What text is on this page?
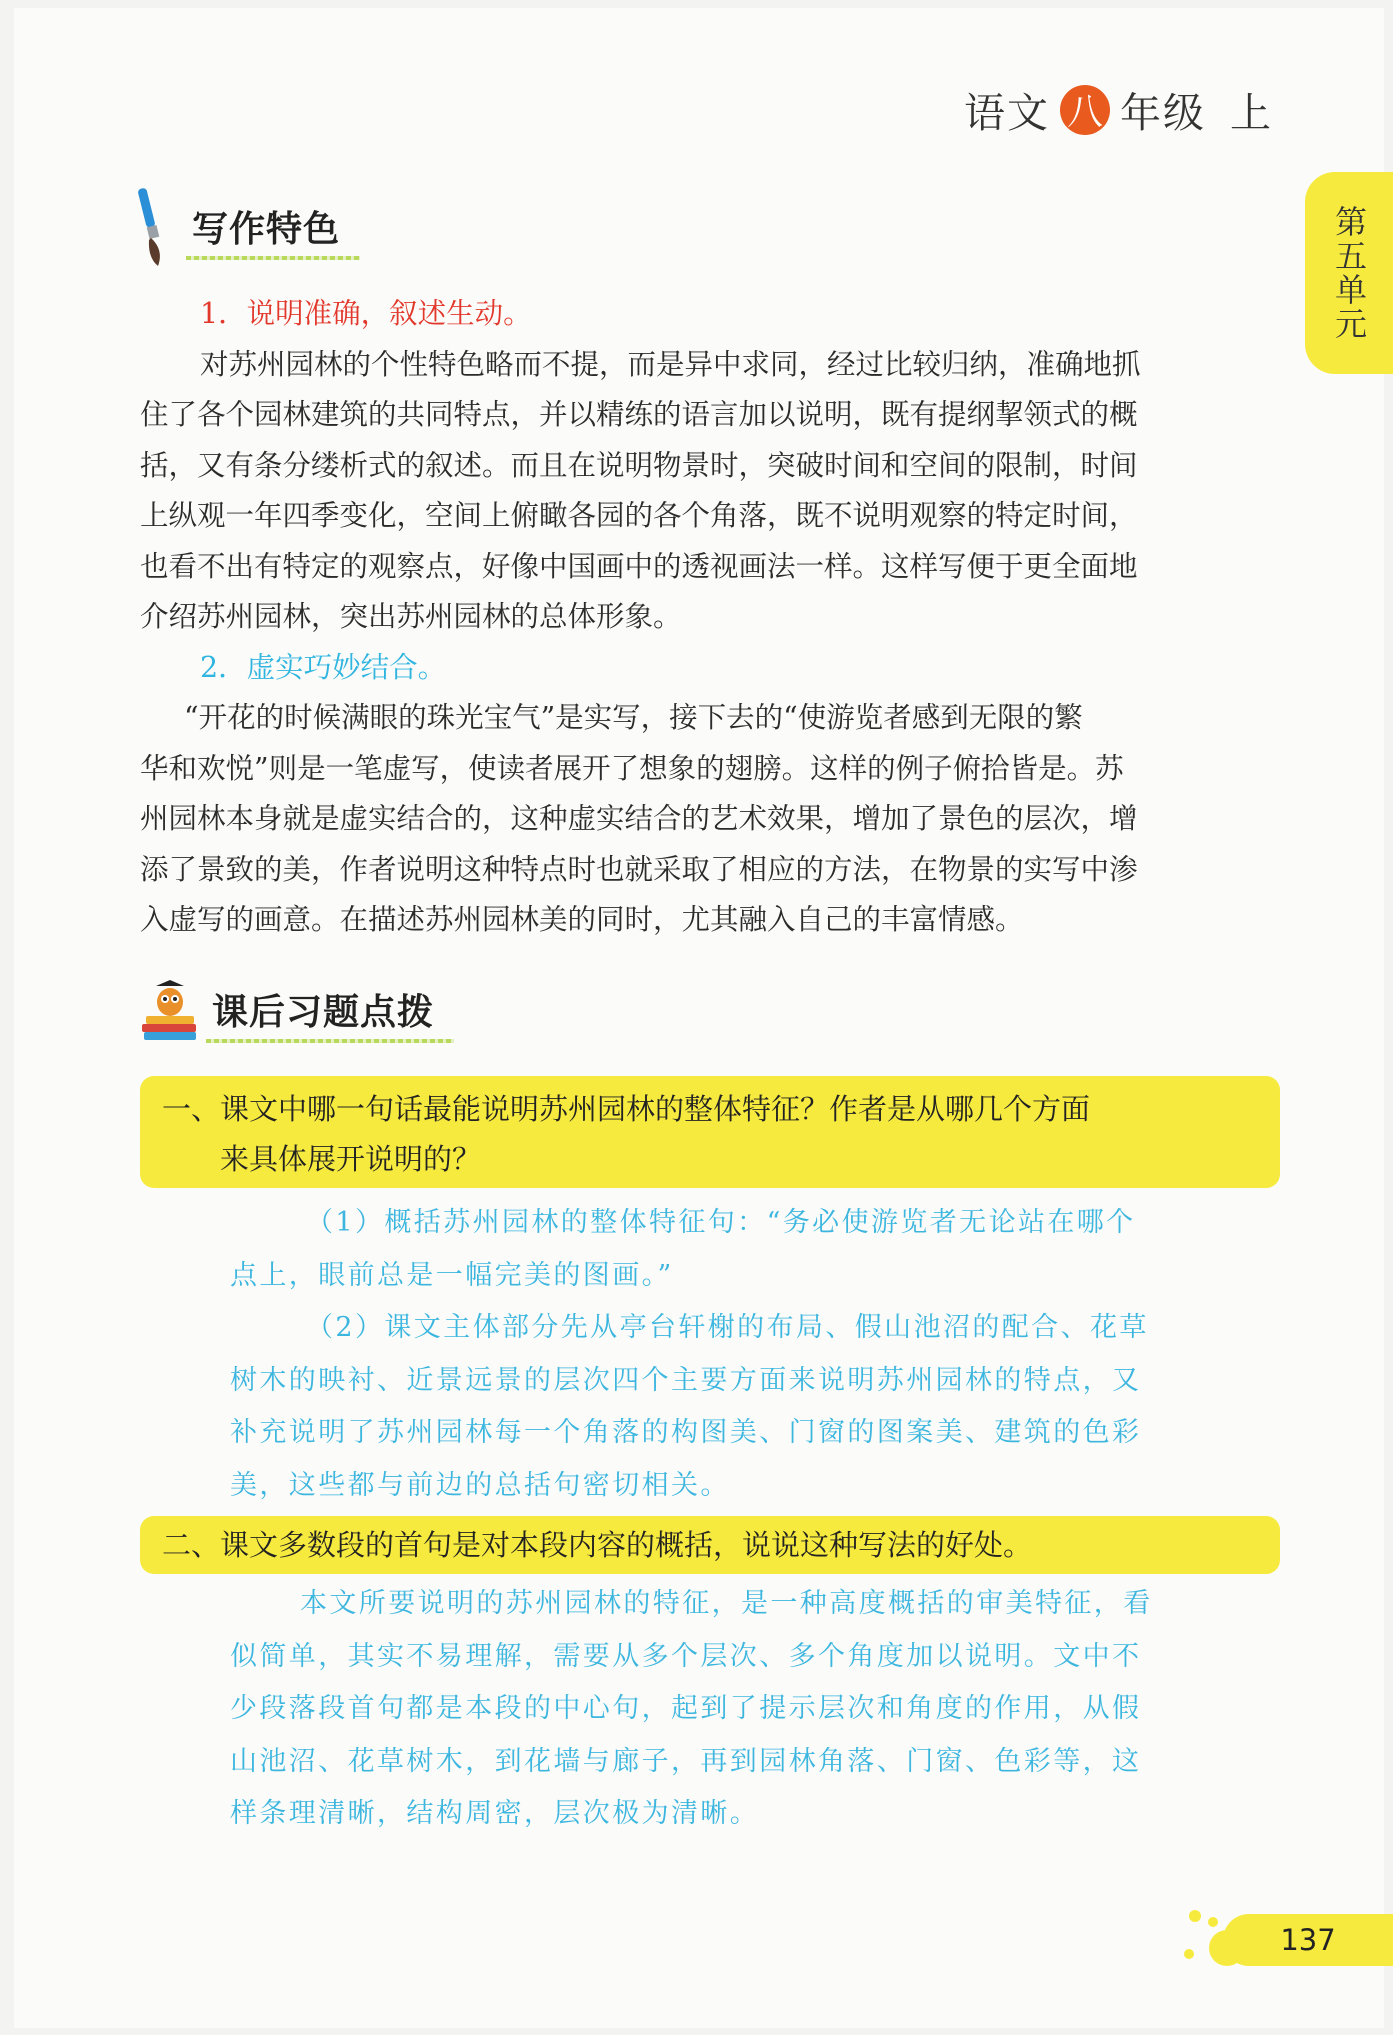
语文 八 年级 上
第五单元
写作特色
1．说明准确，叙述生动。
对苏州园林的个性特色略而不提，而是异中求同，经过比较归纳，准确地抓
住了各个园林建筑的共同特点，并以精练的语言加以说明，既有提纲挈领式的概
括，又有条分缕析式的叙述。而且在说明物景时，突破时间和空间的限制，时间
上纵观一年四季变化，空间上俯瞰各园的各个角落，既不说明观察的特定时间，
也看不出有特定的观察点，好像中国画中的透视画法一样。这样写便于更全面地
介绍苏州园林，突出苏州园林的总体形象。
2．虚实巧妙结合。
“开花的时候满眼的珠光宝气”是实写，接下去的“使游览者感到无限的繁
华和欢悦”则是一笔虚写，使读者展开了想象的翅膀。这样的例子俯拾皆是。苏
州园林本身就是虚实结合的，这种虚实结合的艺术效果，增加了景色的层次，增
添了景致的美，作者说明这种特点时也就采取了相应的方法，在物景的实写中渗
入虚写的画意。在描述苏州园林美的同时，尤其融入自己的丰富情感。
课后习题点拨
一、课文中哪一句话最能说明苏州园林的整体特征？作者是从哪几个方面
　　来具体展开说明的？
（1）概括苏州园林的整体特征句：“务必使游览者无论站在哪个
点上，眼前总是一幅完美的图画。”
（2）课文主体部分先从亭台轩榭的布局、假山池沼的配合、花草
树木的映衬、近景远景的层次四个主要方面来说明苏州园林的特点，又
补充说明了苏州园林每一个角落的构图美、门窗的图案美、建筑的色彩
美，这些都与前边的总括句密切相关。
二、课文多数段的首句是对本段内容的概括，说说这种写法的好处。
本文所要说明的苏州园林的特征，是一种高度概括的审美特征，看
似简单，其实不易理解，需要从多个层次、多个角度加以说明。文中不
少段落段首句都是本段的中心句，起到了提示层次和角度的作用，从假
山池沼、花草树木，到花墙与廊子，再到园林角落、门窗、色彩等，这
样条理清晰，结构周密，层次极为清晰。
137
